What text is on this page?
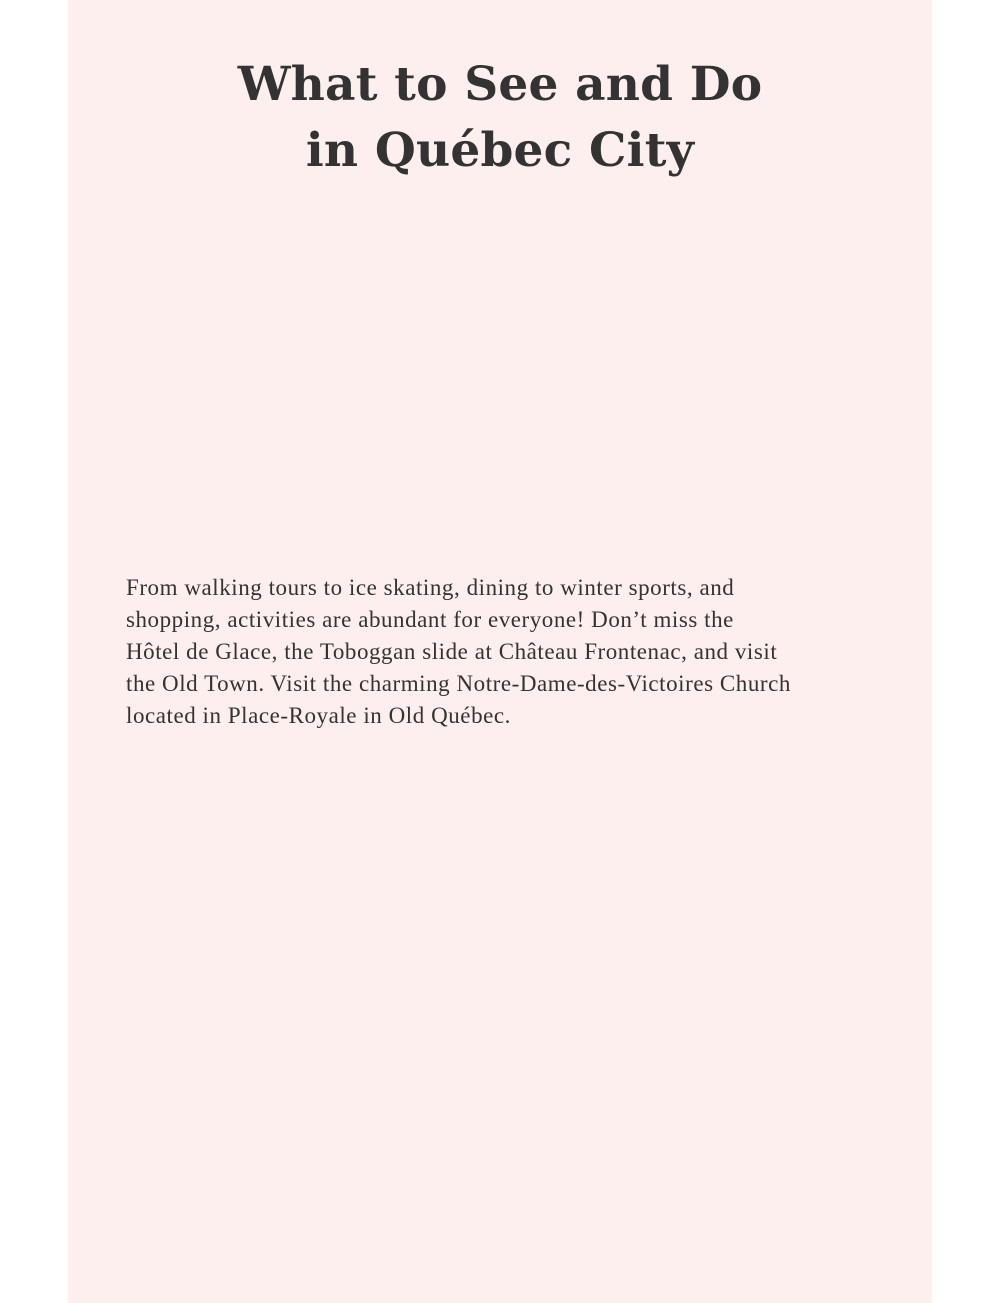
What to See and Do
in Québec City

From walking tours to ice skating, dining to winter sports, and
shopping, activities are abundant for everyone! Don’t miss the
Hôtel de Glace, the Toboggan slide at Château Frontenac, and visit
the Old Town. Visit the charming Notre-Dame-des-Victoires Church
located in Place-Royale in Old Québec.
